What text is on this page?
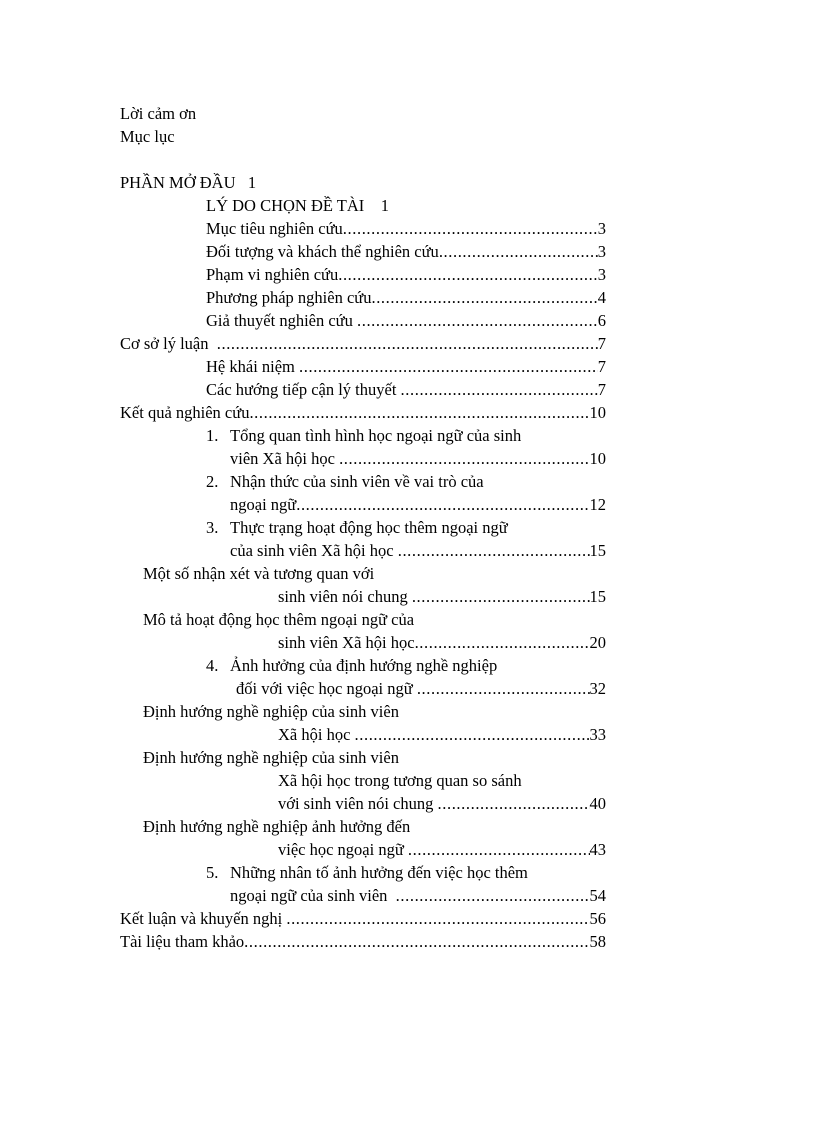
Lời cảm ơn
Mục lục
PHẦN MỞ ĐẦU 1
LÝ DO CHỌN ĐỀ TÀI 1
Mục tiêu nghiên cứu .....	3
Đối tượng và khách thể nghiên cứu .....	3
Phạm vi nghiên cứu .....	3
Phương pháp nghiên cứu .....	4
Giả thuyết nghiên cứu .....	6
Cơ sở lý luận .....	7
Hệ khái niệm .....	7
Các hướng tiếp cận lý thuyết .....	7
Kết quả nghiên cứu .....	10
1. Tổng quan tình hình học ngoại ngữ của sinh
viên Xã hội học .....	10
2. Nhận thức của sinh viên về vai trò của
ngoại ngữ .....	12
3. Thực trạng hoạt động học thêm ngoại ngữ
của sinh viên Xã hội học .....	15
Một số nhận xét và tương quan với
sinh viên nói chung .....	15
Mô tả hoạt động học thêm ngoại ngữ của
sinh viên Xã hội học .....	20
4. Ảnh hưởng của định hướng nghề nghiệp
đối với việc học ngoại ngữ .....	32
Định hướng nghề nghiệp của sinh viên
Xã hội học .....	33
Định hướng nghề nghiệp của sinh viên
Xã hội học trong tương quan so sánh
với sinh viên nói chung .....	40
Định hướng nghề nghiệp ảnh hưởng đến
việc học ngoại ngữ .....	43
5. Những nhân tố ảnh hưởng đến việc học thêm
ngoại ngữ của sinh viên .....	54
Kết luận và khuyến nghị .....	56
Tài liệu tham khảo .....	58
